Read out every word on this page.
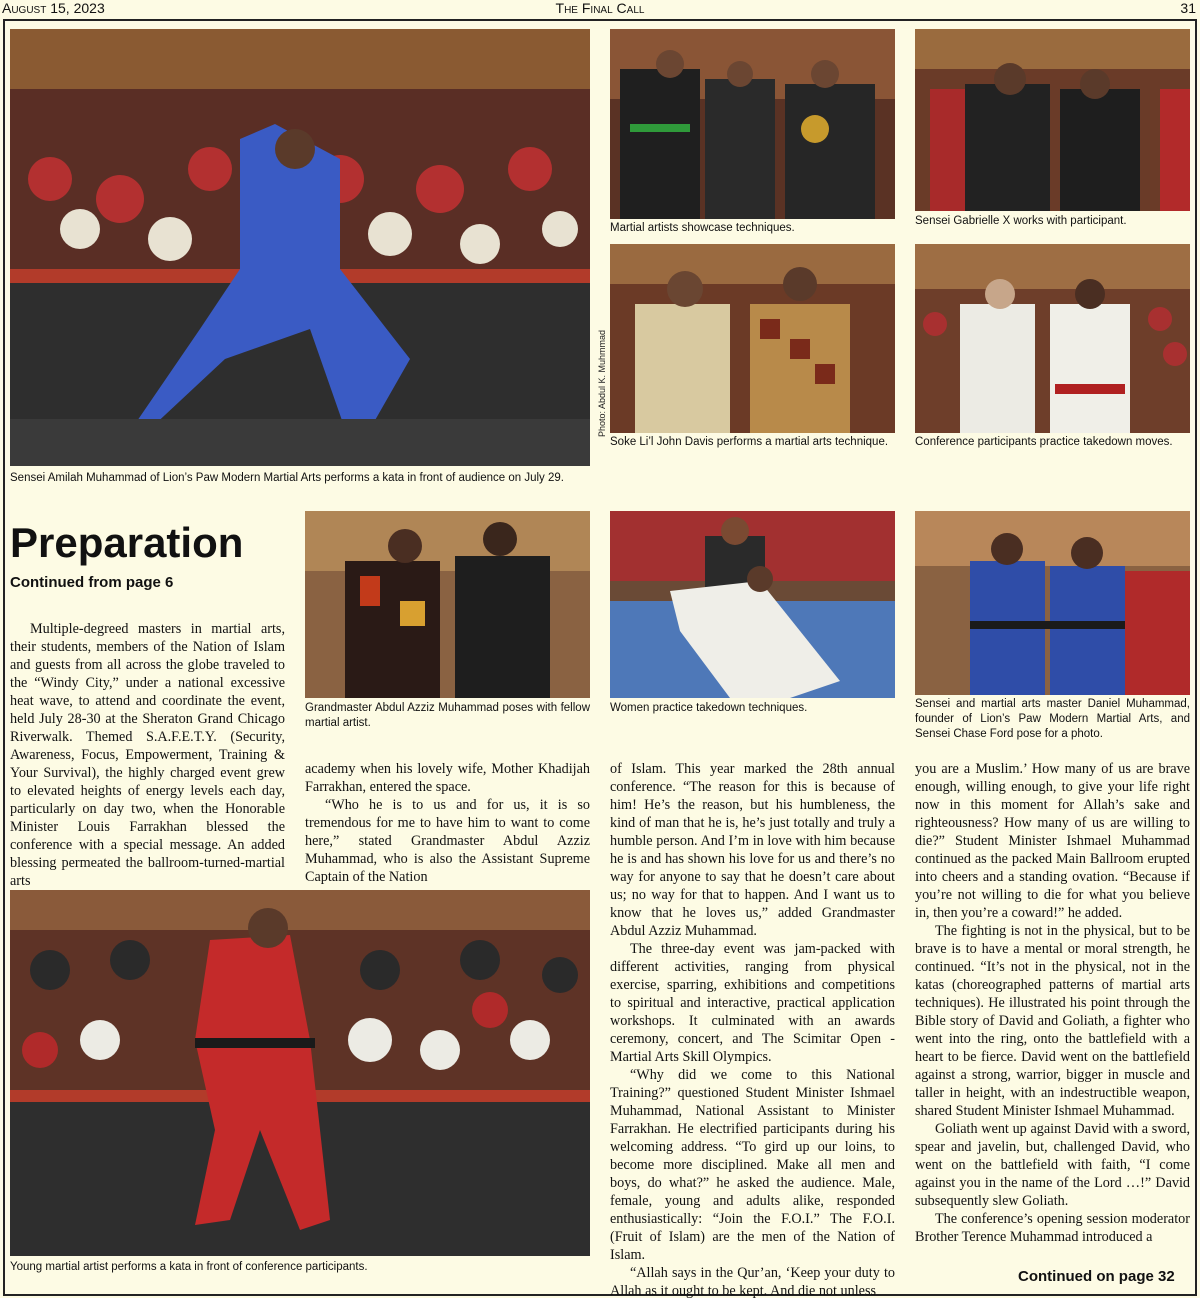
August 15, 2023	The Final Call	31
Photo: Abdul K. Muhmmad
Sensei Amilah Muhammad of Lion’s Paw Modern Martial Arts performs a kata in front of audience on July 29.
Martial artists showcase techniques.
Sensei Gabrielle X works with participant.
Soke Li’l John Davis performs a martial arts technique.	Conference participants practice takedown moves.
Preparation
Continued from page 6
Grandmaster Abdul Azziz Muhammad poses with fellow martial artist.
Women practice takedown techniques.	Sensei and martial arts master Daniel Muhammad, founder of Lion’s Paw Modern Martial Arts, and Sensei Chase Ford pose for a photo.

Multiple-degreed masters in martial arts, their students, members of the Nation of Islam and guests from all across the globe traveled to the “Windy City,” under a national excessive heat wave, to attend and coordinate the event, held July 28-30 at the Sheraton Grand Chicago Riverwalk. Themed S.A.F.E.T.Y. (Security, Awareness, Focus, Empowerment, Training & Your Survival), the highly charged event grew to elevated heights of energy levels each day, particularly on day two, when the Honorable Minister Louis Farrakhan blessed the conference with a special message. An added blessing permeated the ballroom-turned-martial arts

academy when his lovely wife, Mother Khadijah Farrakhan, entered the space.

“Who he is to us and for us, it is so tremendous for me to have him to want to come here,” stated Grandmaster Abdul Azziz Muhammad, who is also the Assistant Supreme Captain of the Nation

of Islam. This year marked the 28th annual conference. “The reason for this is because of him! He’s the reason, but his humbleness, the kind of man that he is, he’s just totally and truly a humble person. And I’m in love with him because he is and has shown his love for us and there’s no way for anyone to say that he doesn’t care about us; no way for that to happen. And I want us to know that he loves us,” added Grandmaster Abdul Azziz Muhammad.

The three-day event was jam-packed with different activities, ranging from physical exercise, sparring, exhibitions and competitions to spiritual and interactive, practical application workshops. It culminated with an awards ceremony, concert, and The Scimitar Open - Martial Arts Skill Olympics.

“Why did we come to this National Training?” questioned Student Minister Ishmael Muhammad, National Assistant to Minister Farrakhan. He electrified participants during his welcoming address. “To gird up our loins, to become more disciplined. Make all men and boys, do what?” he asked the audience. Male, female, young and adults alike, responded enthusiastically: “Join the F.O.I.” The F.O.I. (Fruit of Islam) are the men of the Nation of Islam.

“Allah says in the Qur’an, ‘Keep your duty to Allah as it ought to be kept. And die not unless

you are a Muslim.’ How many of us are brave enough, willing enough, to give your life right now in this moment for Allah’s sake and righteousness? How many of us are willing to die?” Student Minister Ishmael Muhammad continued as the packed Main Ballroom erupted into cheers and a standing ovation. “Because if you’re not willing to die for what you believe in, then you’re a coward!” he added.

The fighting is not in the physical, but to be brave is to have a mental or moral strength, he continued. “It’s not in the physical, not in the katas (choreographed patterns of martial arts techniques). He illustrated his point through the Bible story of David and Goliath, a fighter who went into the ring, onto the battlefield with a heart to be fierce. David went on the battlefield against a strong, warrior, bigger in muscle and taller in height, with an indestructible weapon, shared Student Minister Ishmael Muhammad.

Goliath went up against David with a sword, spear and javelin, but, challenged David, who went on the battlefield with faith, “I come against you in the name of the Lord …!” David subsequently slew Goliath.

The conference’s opening session moderator Brother Terence Muhammad introduced a

Young martial artist performs a kata in front of conference participants.
Continued on page 32
